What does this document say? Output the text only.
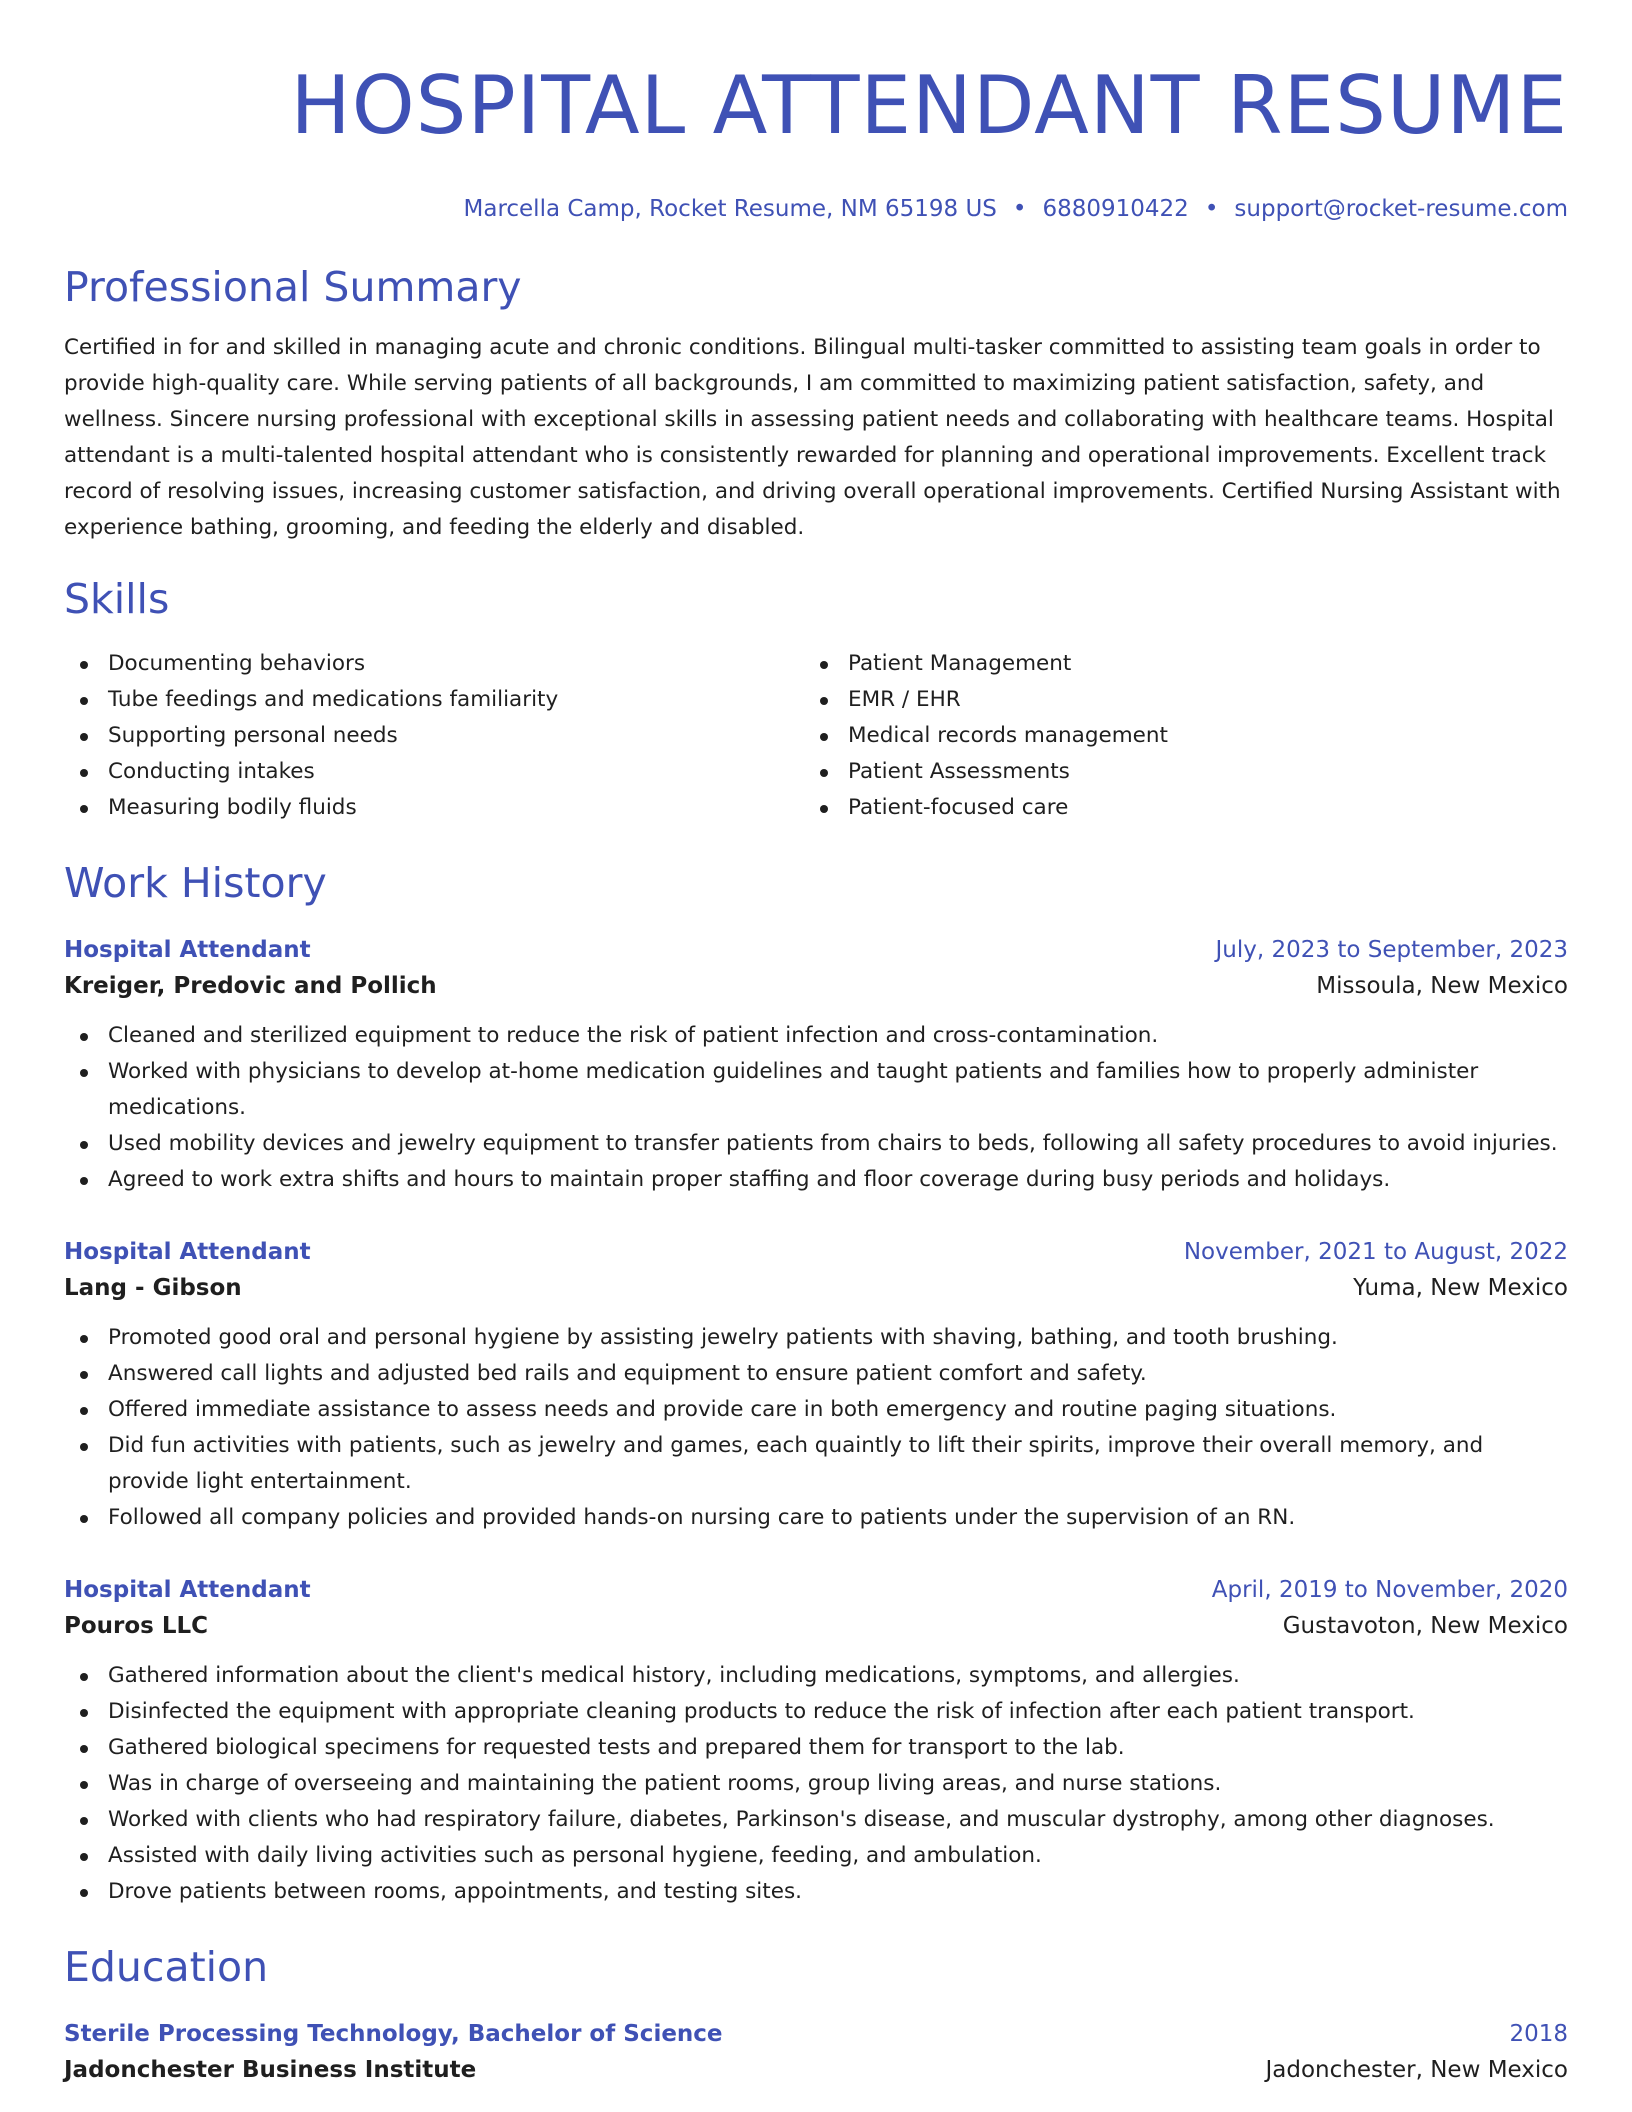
HOSPITAL ATTENDANT RESUME
Marcella Camp, Rocket Resume, NM 65198 US • 6880910422 • support@rocket-resume.com
Professional Summary
Certified in for and skilled in managing acute and chronic conditions. Bilingual multi-tasker committed to assisting team goals in order to provide high-quality care. While serving patients of all backgrounds, I am committed to maximizing patient satisfaction, safety, and wellness. Sincere nursing professional with exceptional skills in assessing patient needs and collaborating with healthcare teams. Hospital attendant is a multi-talented hospital attendant who is consistently rewarded for planning and operational improvements. Excellent track record of resolving issues, increasing customer satisfaction, and driving overall operational improvements. Certified Nursing Assistant with experience bathing, grooming, and feeding the elderly and disabled.
Skills
Documenting behaviors
Tube feedings and medications familiarity
Supporting personal needs
Conducting intakes
Measuring bodily fluids
Patient Management
EMR / EHR
Medical records management
Patient Assessments
Patient-focused care
Work History
Hospital Attendant	July, 2023 to September, 2023
Kreiger, Predovic and Pollich	Missoula, New Mexico
Cleaned and sterilized equipment to reduce the risk of patient infection and cross-contamination.
Worked with physicians to develop at-home medication guidelines and taught patients and families how to properly administer medications.
Used mobility devices and jewelry equipment to transfer patients from chairs to beds, following all safety procedures to avoid injuries.
Agreed to work extra shifts and hours to maintain proper staffing and floor coverage during busy periods and holidays.
Hospital Attendant	November, 2021 to August, 2022
Lang - Gibson	Yuma, New Mexico
Promoted good oral and personal hygiene by assisting jewelry patients with shaving, bathing, and tooth brushing.
Answered call lights and adjusted bed rails and equipment to ensure patient comfort and safety.
Offered immediate assistance to assess needs and provide care in both emergency and routine paging situations.
Did fun activities with patients, such as jewelry and games, each quaintly to lift their spirits, improve their overall memory, and provide light entertainment.
Followed all company policies and provided hands-on nursing care to patients under the supervision of an RN.
Hospital Attendant	April, 2019 to November, 2020
Pouros LLC	Gustavoton, New Mexico
Gathered information about the client's medical history, including medications, symptoms, and allergies.
Disinfected the equipment with appropriate cleaning products to reduce the risk of infection after each patient transport.
Gathered biological specimens for requested tests and prepared them for transport to the lab.
Was in charge of overseeing and maintaining the patient rooms, group living areas, and nurse stations.
Worked with clients who had respiratory failure, diabetes, Parkinson's disease, and muscular dystrophy, among other diagnoses.
Assisted with daily living activities such as personal hygiene, feeding, and ambulation.
Drove patients between rooms, appointments, and testing sites.
Education
Sterile Processing Technology, Bachelor of Science	2018
Jadonchester Business Institute	Jadonchester, New Mexico
